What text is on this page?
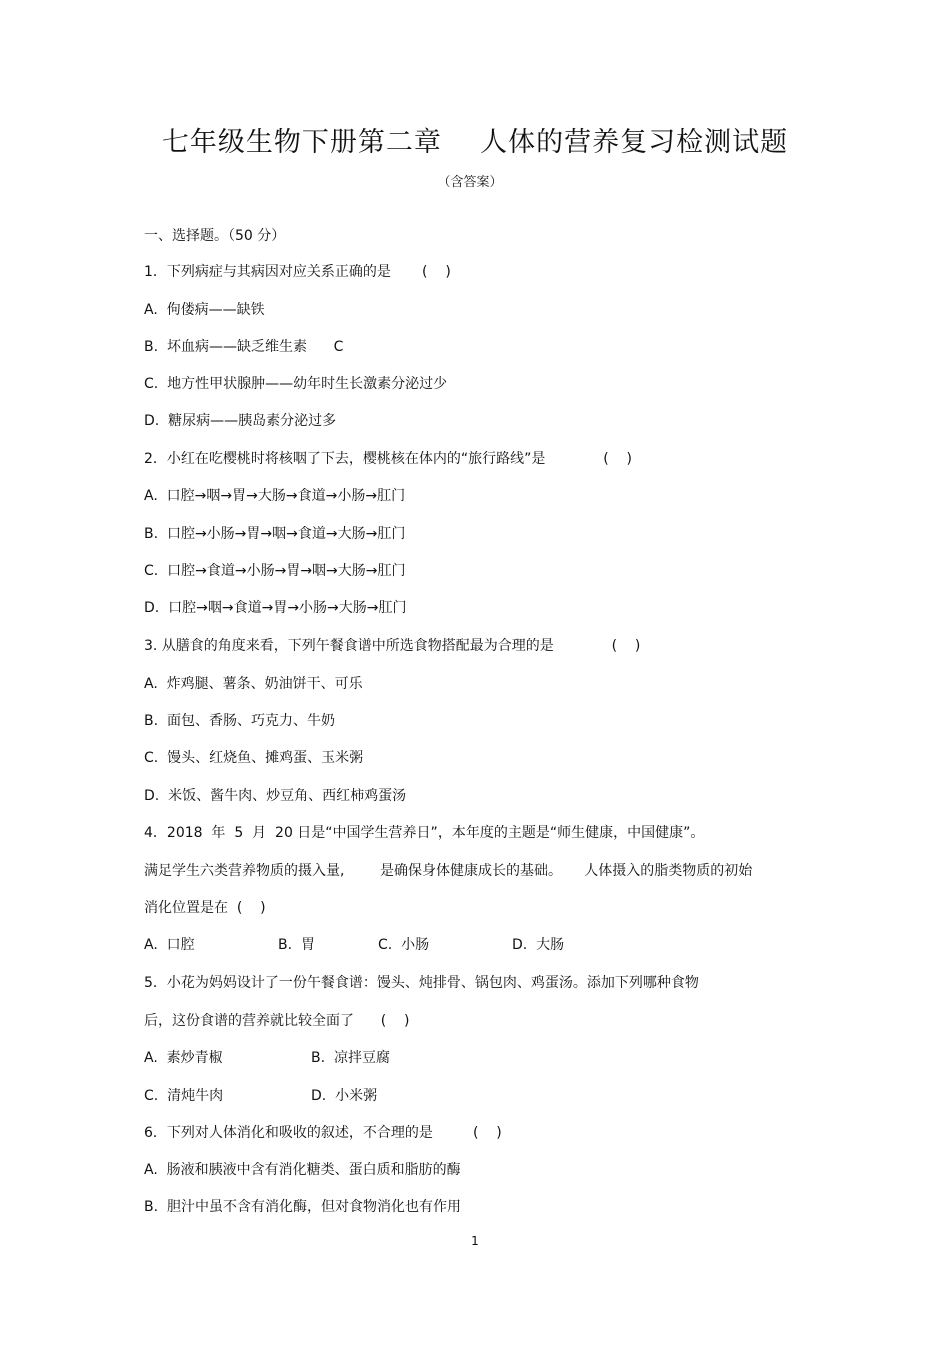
七年级生物下册第二章    人体的营养复习检测试题
（含答案）
一、选择题。（50 分）
1．下列病症与其病因对应关系正确的是       (    )
A.  佝偻病——缺铁
B.  坏血病——缺乏维生素      C
C.  地方性甲状腺肿——幼年时生长激素分泌过少
D.  糖尿病——胰岛素分泌过多
2．小红在吃樱桃时将核咽了下去，樱桃核在体内的“旅行路线”是             (    )
A.  口腔→咽→胃→大肠→食道→小肠→肛门
B.  口腔→小肠→胃→咽→食道→大肠→肛门
C.  口腔→食道→小肠→胃→咽→大肠→肛门
D.  口腔→咽→食道→胃→小肠→大肠→肛门
3. 从膳食的角度来看，下列午餐食谱中所选食物搭配最为合理的是             (    )
A.  炸鸡腿、薯条、奶油饼干、可乐
B.  面包、香肠、巧克力、牛奶
C.  馒头、红烧鱼、摊鸡蛋、玉米粥
D.  米饭、酱牛肉、炒豆角、西红柿鸡蛋汤
4．2018  年  5  月  20 日是“中国学生营养日”，本年度的主题是“师生健康，中国健康”。
满足学生六类营养物质的摄入量,        是确保身体健康成长的基础。     人体摄入的脂类物质的初始
消化位置是在  (    )
A.  口腔	B.  胃	C.  小肠	D.  大肠
5．小花为妈妈设计了一份午餐食谱：馒头、炖排骨、锅包肉、鸡蛋汤。添加下列哪种食物
后，这份食谱的营养就比较全面了      (    )
A.  素炒青椒	B.  凉拌豆腐
C.  清炖牛肉	D.  小米粥
6．下列对人体消化和吸收的叙述，不合理的是         (    )
A.  肠液和胰液中含有消化糖类、蛋白质和脂肪的酶
B.  胆汁中虽不含有消化酶，但对食物消化也有作用
1
